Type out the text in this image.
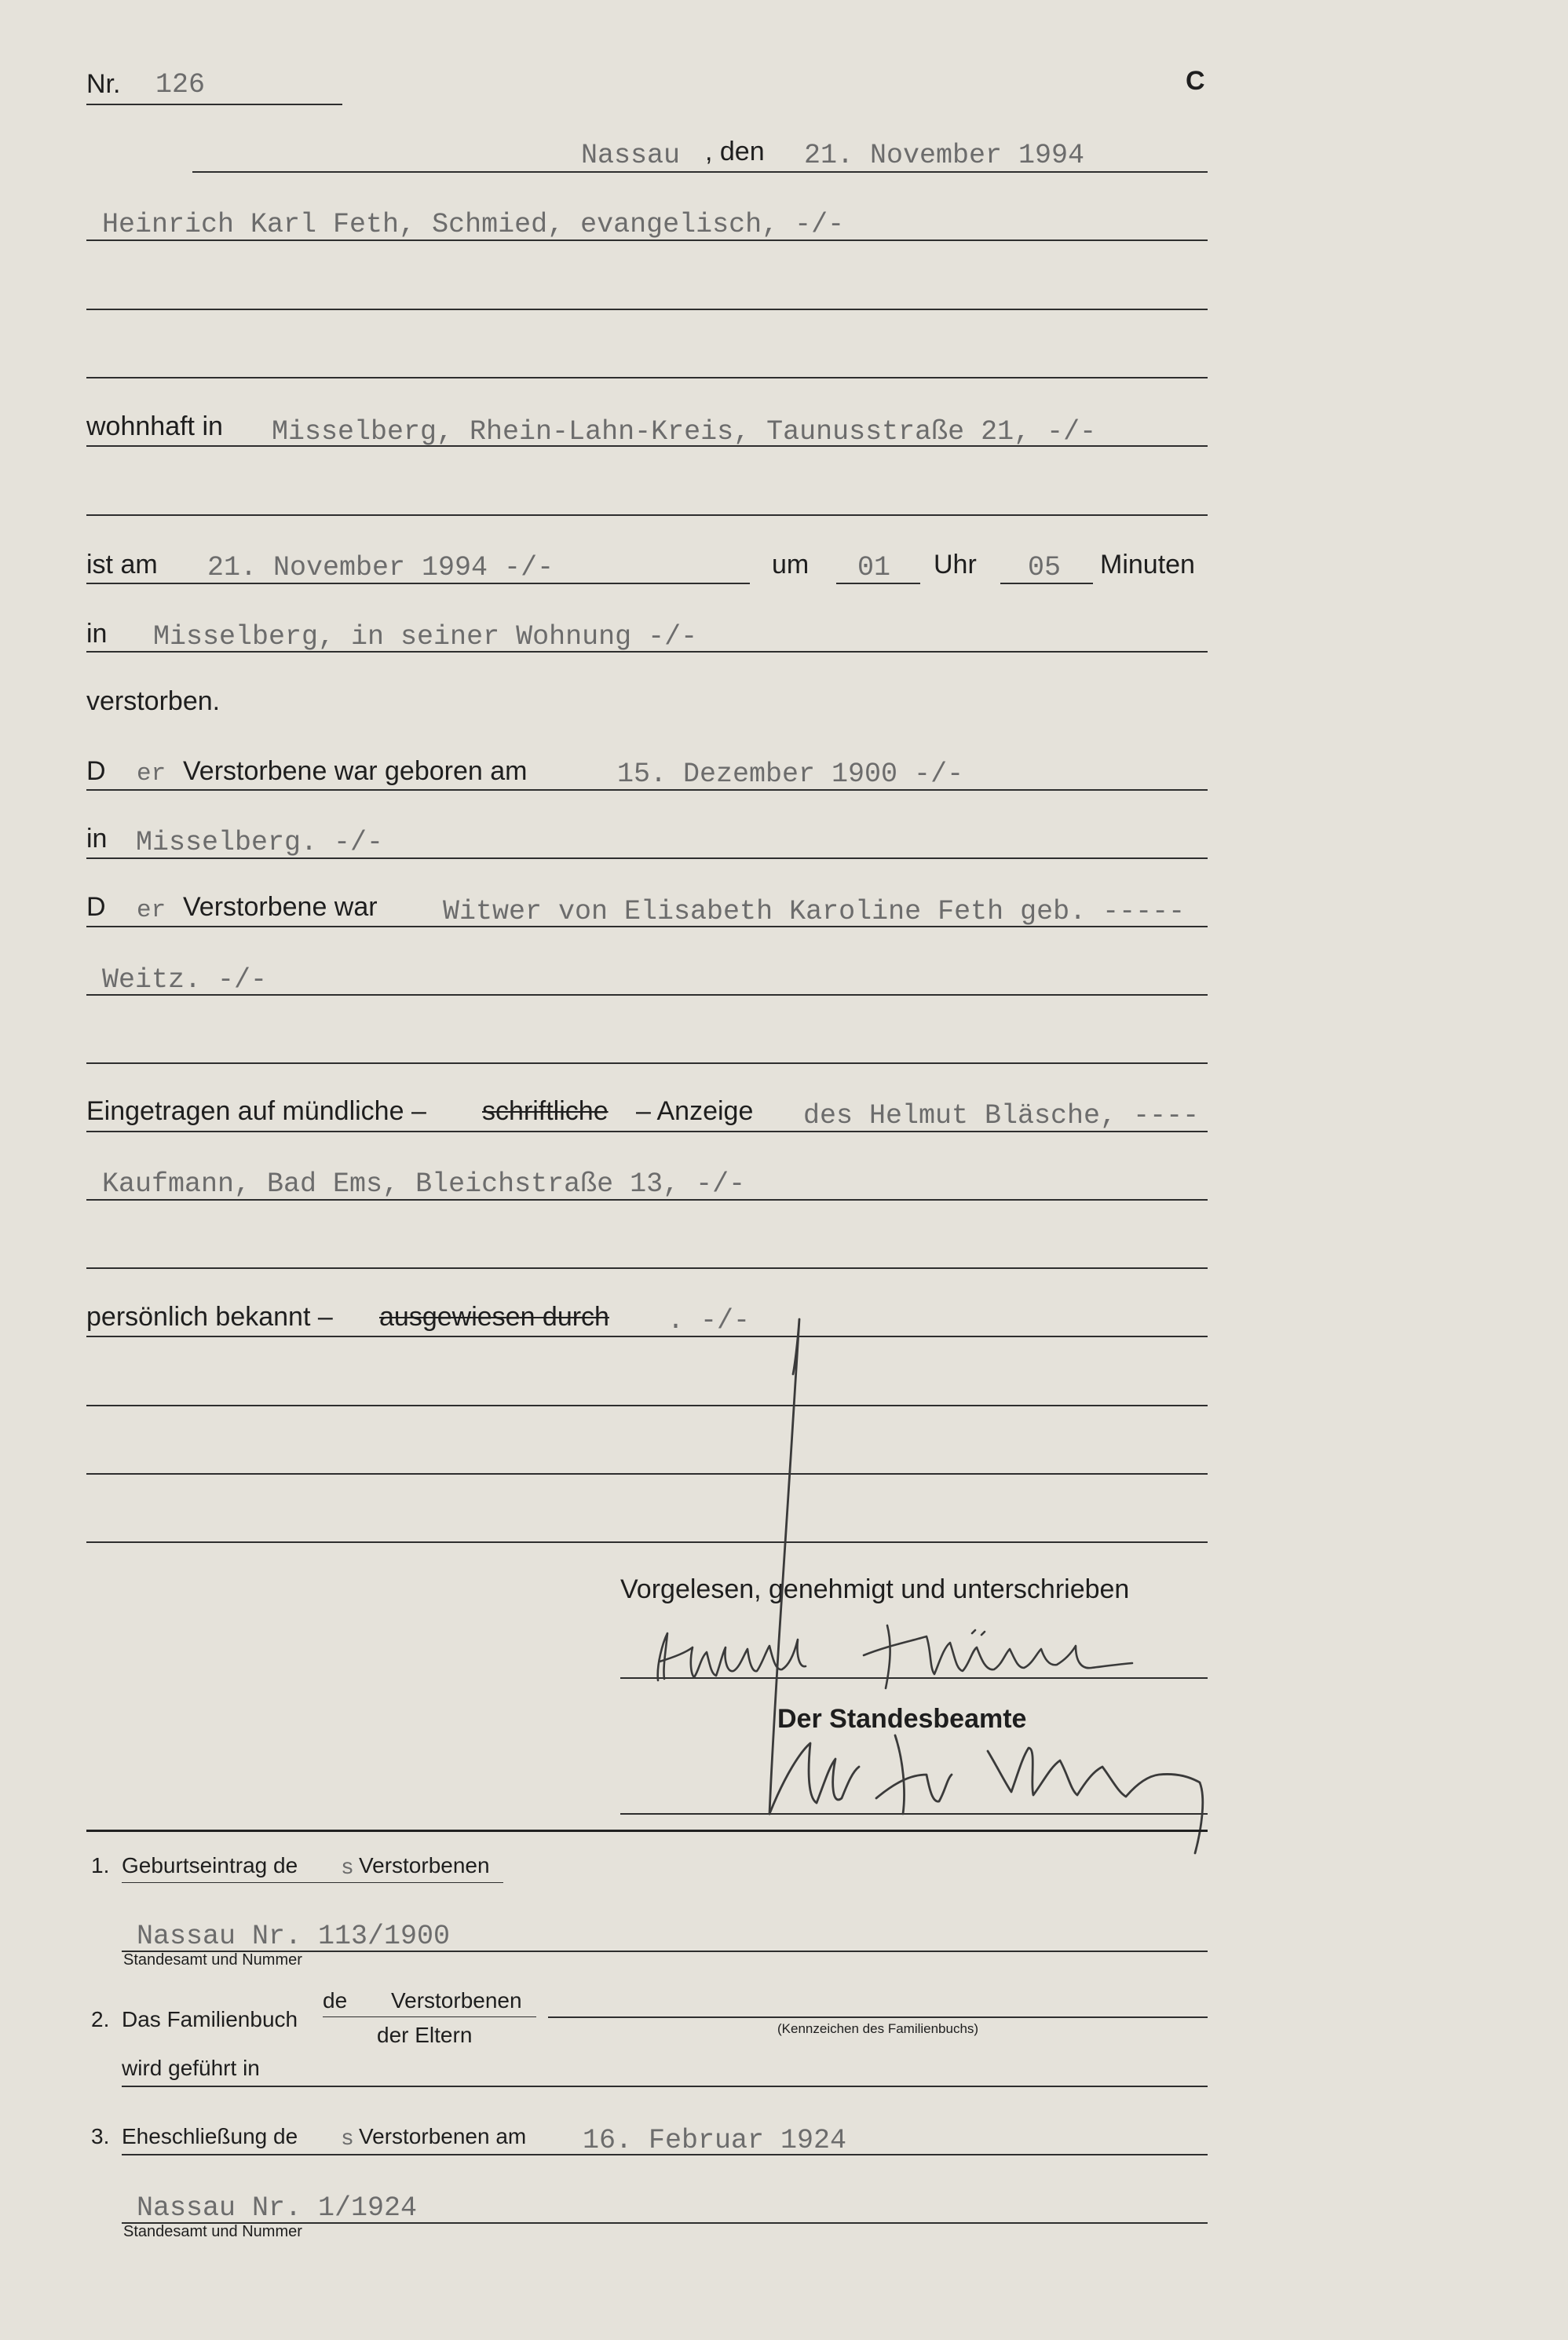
Nr. 126	C
Nassau , den 21. November 1994
Heinrich Karl Feth, Schmied, evangelisch, -/-
wohnhaft in Misselberg, Rhein-Lahn-Kreis, Taunusstraße 21, -/-
ist am 21. November 1994 -/-	um 01 Uhr 05 Minuten
in Misselberg, in seiner Wohnung -/-
verstorben.
D er Verstorbene war geboren am	15. Dezember 1900 -/-
in Misselberg. -/-
D er Verstorbene war Witwer von Elisabeth Karoline Feth geb. -----
Weitz. -/-
Eingetragen auf mündliche – schriftliche – Anzeige des Helmut Bläsche, ----
Kaufmann, Bad Ems, Bleichstraße 13, -/-
persönlich bekannt – ausgewiesen durch . -/-
Vorgelesen, genehmigt und unterschrieben
Der Standesbeamte
1. Geburtseintrag de s Verstorbenen
Nassau Nr. 113/1900
Standesamt und Nummer
2. Das Familienbuch
de Verstorbenen
der Eltern	(Kennzeichen des Familienbuchs)
wird geführt in
3. Eheschließung de s Verstorbenen am 16. Februar 1924
Nassau Nr. 1/1924
Standesamt und Nummer
